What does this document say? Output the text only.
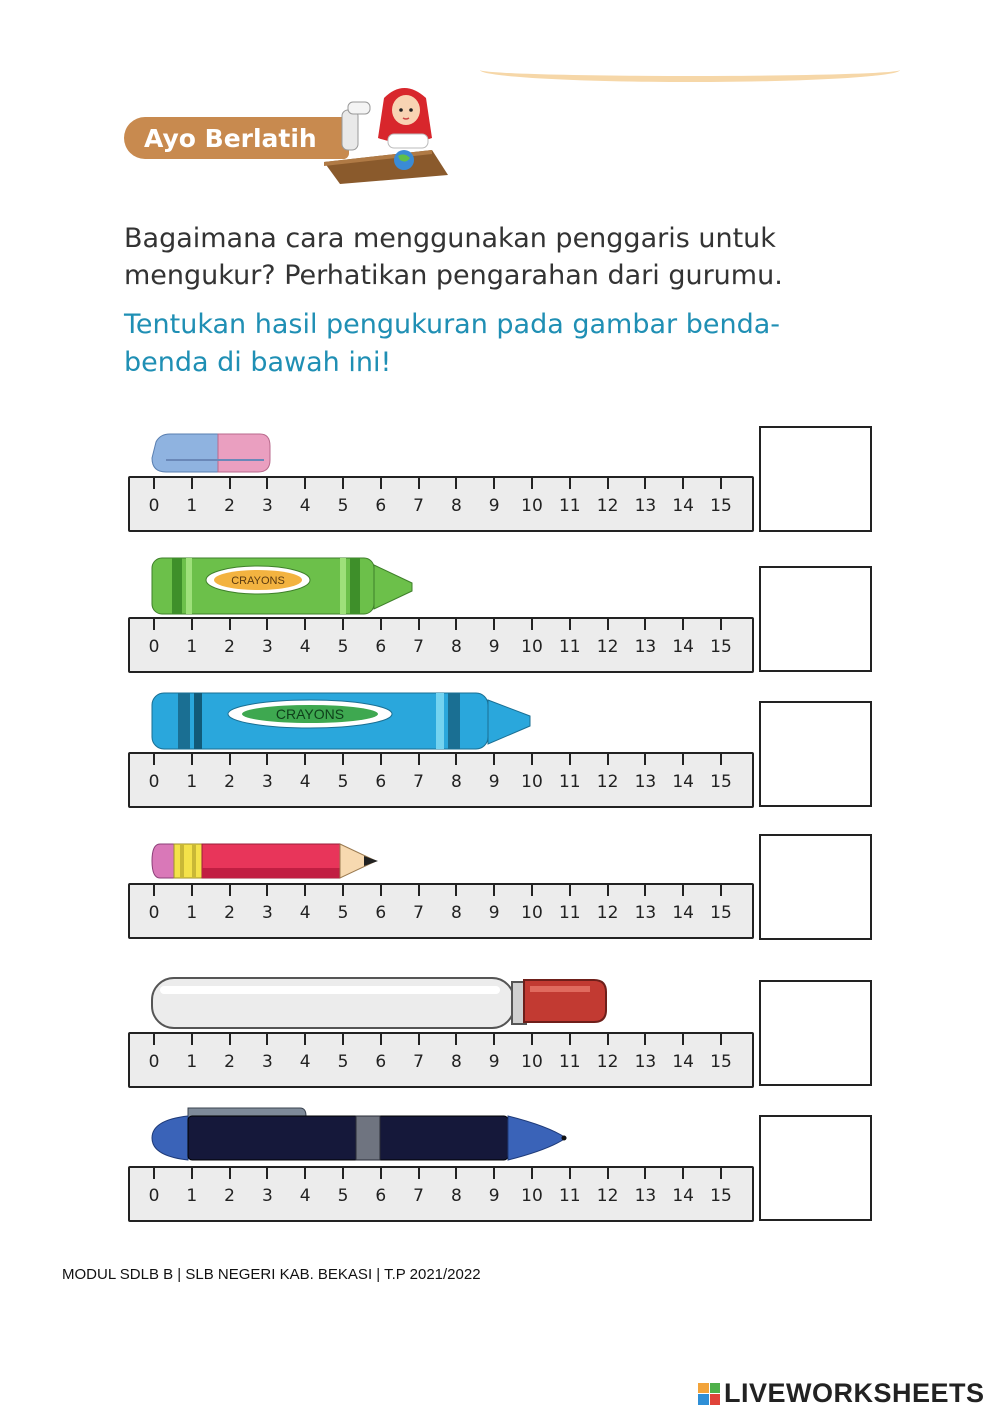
Ayo Berlatih
Bagaimana cara menggunakan penggaris untuk mengukur? Perhatikan pengarahan dari gurumu.
Tentukan hasil pengukuran pada gambar benda-benda di bawah ini!
CRAYONS
CRAYONS
0	1	2	3	4	5	6	7	8	9	10 11 12 13 14 15
0	1	2	3	4	5	6	7	8	9	10 11 12 13 14 15
0	1	2	3	4	5	6	7	8	9	10 11 12 13 14 15
0	1	2	3	4	5	6	7	8	9	10 11 12 13 14 15
0	1	2	3	4	5	6	7	8	9	10 11 12 13 14 15
0	1	2	3	4	5	6	7	8	9	10 11 12 13 14 15
MODUL SDLB B | SLB NEGERI KAB. BEKASI | T.P 2021/2022
LIVEWORKSHEETS
